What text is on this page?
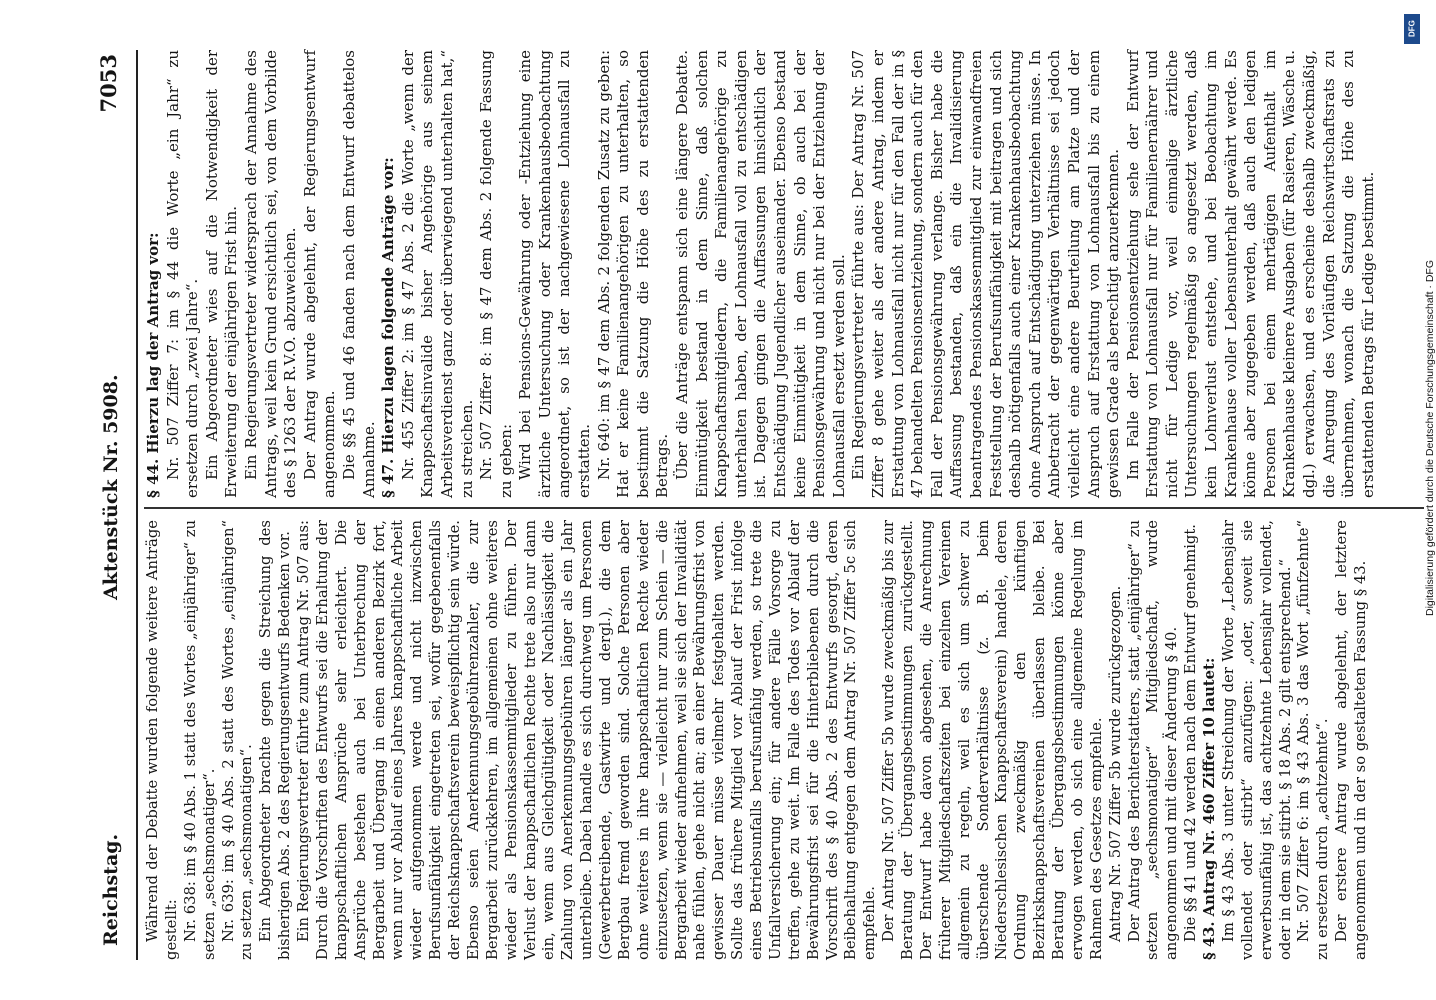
Reichstag.
Aktenstück Nr. 5908.
7053

Während der Debatte wurden folgende weitere Anträge gestellt: Nr. 638: im § 40 Abs. 1 statt des Wortes „einjähriger“ zu setzen „sechsmonatiger“. Nr. 639: im § 40 Abs. 2 statt des Wortes „einjährigen“ zu setzen „sechsmonatigen“. Ein Abgeordneter brachte gegen die Streichung des bisherigen Abs. 2 des Regierungsentwurfs Bedenken vor. Ein Regierungsvertreter führte zum Antrag Nr. 507 aus: Durch die Vorschriften des Entwurfs sei die Erhaltung der knappschaftlichen Ansprüche sehr erleichtert. Die Ansprüche bestehen auch bei Unterbrechung der Bergarbeit und Übergang in einen anderen Bezirk fort, wenn nur vor Ablauf eines Jahres knappschaftliche Arbeit wieder aufgenommen werde und nicht inzwischen Berufsunfähigkeit eingetreten sei, wofür gegebenenfalls der Reichsknappschaftsverein beweispflichtig sein würde. Ebenso seien Anerkennungsgebührenzahler, die zur Bergarbeit zurückkehren, im allgemeinen ohne weiteres wieder als Pensionskassenmitglieder zu führen. Der Verlust der knappschaftlichen Rechte trete also nur dann ein, wenn aus Gleichgültigkeit oder Nachlässigkeit die Zahlung von Anerkennungsgebühren länger als ein Jahr unterbleibe. Dabei handle es sich durchweg um Personen (Gewerbetreibende, Gastwirte und dergl.), die dem Bergbau fremd geworden sind. Solche Personen aber ohne weiteres in ihre knappschaftlichen Rechte wieder einzusetzen, wenn sie — vielleicht nur zum Schein — die Bergarbeit wieder aufnehmen, weil sie sich der Invalidität nahe fühlen, gehe nicht an; an einer Bewährungsfrist von gewisser Dauer müsse vielmehr festgehalten werden. Sollte das frühere Mitglied vor Ablauf der Frist infolge eines Betriebsunfalls berufsunfähig werden, so trete die Unfallversicherung ein; für andere Fälle Vorsorge zu treffen, gehe zu weit. Im Falle des Todes vor Ablauf der Bewährungsfrist sei für die Hinterbliebenen durch die Vorschrift des § 40 Abs. 2 des Entwurfs gesorgt, deren Beibehaltung entgegen dem Antrag Nr. 507 Ziffer 5c sich empfehle. Der Antrag Nr. 507 Ziffer 5b wurde zweckmäßig bis zur Beratung der Übergangsbestimmungen zurückgestellt. Der Entwurf habe davon abgesehen, die Anrechnung früherer Mitgliedschaftszeiten bei einzelnen Vereinen allgemein zu regeln, weil es sich um schwer zu überschende Sonderverhältnisse (z. B. beim Niederschlesischen Knappschaftsverein) handele, deren Ordnung zweckmäßig den künftigen Bezirksknappschaftsvereinen überlassen bleibe. Bei Beratung der Übergangsbestimmungen könne aber erwogen werden, ob sich eine allgemeine Regelung im Rahmen des Gesetzes empfehle. Antrag Nr. 507 Ziffer 5b wurde zurückgezogen. Der Antrag des Berichterstatters, statt „einjähriger“ zu setzen „sechsmonatiger“ Mitgliedschaft, wurde angenommen und mit dieser Änderung § 40. Die §§ 41 und 42 werden nach dem Entwurf genehmigt. § 43. Antrag Nr. 460 Ziffer 10 lautet: Im § 43 Abs. 3 unter Streichung der Worte „Lebensjahr vollendet oder stirbt“ anzufügen: „oder, soweit sie erwerbsunfähig ist, das achtzehnte Lebensjahr vollendet, oder in dem sie stirbt. § 18 Abs. 2 gilt entsprechend.“ Nr. 507 Ziffer 6: im § 43 Abs. 3 das Wort „fünfzehnte“ zu ersetzen durch „achtzehnte“. Der erstere Antrag wurde abgelehnt, der letztere angenommen und in der so gestalteten Fassung § 43.

§ 44. Hierzu lag der Antrag vor: Nr. 507 Ziffer 7: im § 44 die Worte „ein Jahr“ zu ersetzen durch „zwei Jahre“. Ein Abgeordneter wies auf die Notwendigkeit der Erweiterung der einjährigen Frist hin. Ein Regierungsvertreter widersprach der Annahme des Antrags, weil kein Grund ersichtlich sei, von dem Vorbilde des § 1263 der R.V.O. abzuweichen. Der Antrag wurde abgelehnt, der Regierungsentwurf angenommen. Die §§ 45 und 46 fanden nach dem Entwurf debattelos Annahme. § 47. Hierzu lagen folgende Anträge vor: Nr. 455 Ziffer 2: im § 47 Abs. 2 die Worte „wenn der Knappschaftsinvalide bisher Angehörige aus seinem Arbeitsverdienst ganz oder überwiegend unterhalten hat,“ zu streichen. Nr. 507 Ziffer 8: im § 47 dem Abs. 2 folgende Fassung zu geben: Wird bei Pensions-Gewährung oder -Entziehung eine ärztliche Untersuchung oder Krankenhausbeobachtung angeordnet, so ist der nachgewiesene Lohnausfall zu erstatten. Nr. 640: im § 47 dem Abs. 2 folgenden Zusatz zu geben: Hat er keine Familienangehörigen zu unterhalten, so bestimmt die Satzung die Höhe des zu erstattenden Betrags. Über die Anträge entspann sich eine längere Debatte. Einmütigkeit bestand in dem Sinne, daß solchen Knappschaftsmitgliedern, die Familienangehörige zu unterhalten haben, der Lohnausfall voll zu entschädigen ist. Dagegen gingen die Auffassungen hinsichtlich der Entschädigung Jugendlicher auseinander. Ebenso bestand keine Einmütigkeit in dem Sinne, ob auch bei der Pensionsgewährung und nicht nur bei der Entziehung der Lohnausfall ersetzt werden soll. Ein Regierungsvertreter führte aus: Der Antrag Nr. 507 Ziffer 8 gehe weiter als der andere Antrag, indem er Erstattung von Lohnausfall nicht nur für den Fall der in § 47 behandelten Pensionsentziehung, sondern auch für den Fall der Pensionsgewährung verlange. Bisher habe die Auffassung bestanden, daß ein die Invalidisierung beantragendes Pensionskassenmitglied zur einwandfreien Feststellung der Berufsunfähigkeit mit beitragen und sich deshalb nötigenfalls auch einer Krankenhausbeobachtung ohne Anspruch auf Entschädigung unterziehen müsse. In Anbetracht der gegenwärtigen Verhältnisse sei jedoch vielleicht eine andere Beurteilung am Platze und der Anspruch auf Erstattung von Lohnausfall bis zu einem gewissen Grade als berechtigt anzuerkennen. Im Falle der Pensionsentziehung sehe der Entwurf Erstattung von Lohnausfall nur für Familienernährer und nicht für Ledige vor, weil einmalige ärztliche Untersuchungen regelmäßig so angesetzt werden, daß kein Lohnverlust entstehe, und bei Beobachtung im Krankenhause voller Lebensunterhalt gewährt werde. Es könne aber zugegeben werden, daß auch den ledigen Personen bei einem mehrtägigen Aufenthalt im Krankenhause kleinere Ausgaben (für Rasieren, Wäsche u. dgl.) erwachsen, und es erscheine deshalb zweckmäßig, die Anregung des Vorläufigen Reichswirtschaftsrats zu übernehmen, wonach die Satzung die Höhe des zu erstattenden Betrags für Ledige bestimmt.

DFG
Digitalisierung gefördert durch die Deutsche Forschungsgemeinschaft · DFG
